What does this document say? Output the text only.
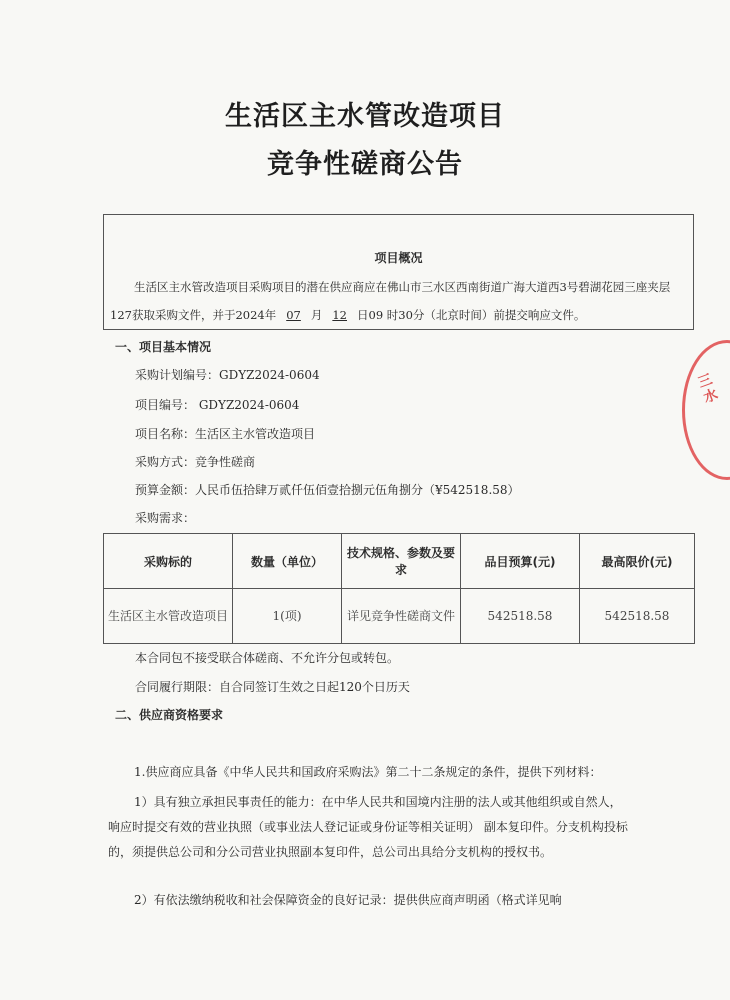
生活区主水管改造项目
竞争性磋商公告
项目概况
生活区主水管改造项目采购项目的潜在供应商应在佛山市三水区西南街道广海大道西3号碧湖花园三座夹层127获取采购文件，并于2024年 07 月 12 日09 时30分（北京时间）前提交响应文件。
一、项目基本情况
采购计划编号：GDYZ2024-0604
项目编号： GDYZ2024-0604
项目名称：生活区主水管改造项目
采购方式：竞争性磋商
预算金额：人民币伍拾肆万贰仟伍佰壹拾捌元伍角捌分（¥542518.58）
采购需求：
采购标的	数量（单位）	技术规格、参数及要求	品目预算(元)	最高限价(元)
生活区主水管改造项目	1(项)	详见竞争性磋商文件	542518.58	542518.58
本合同包不接受联合体磋商、不允许分包或转包。
合同履行期限：自合同签订生效之日起120个日历天
二、供应商资格要求
1.供应商应具备《中华人民共和国政府采购法》第二十二条规定的条件，提供下列材料：
1）具有独立承担民事责任的能力：在中华人民共和国境内注册的法人或其他组织或自然人，响应时提交有效的营业执照（或事业法人登记证或身份证等相关证明） 副本复印件。分支机构投标的，须提供总公司和分公司营业执照副本复印件，总公司出具给分支机构的授权书。
2）有依法缴纳税收和社会保障资金的良好记录：提供供应商声明函（格式详见响
三水
